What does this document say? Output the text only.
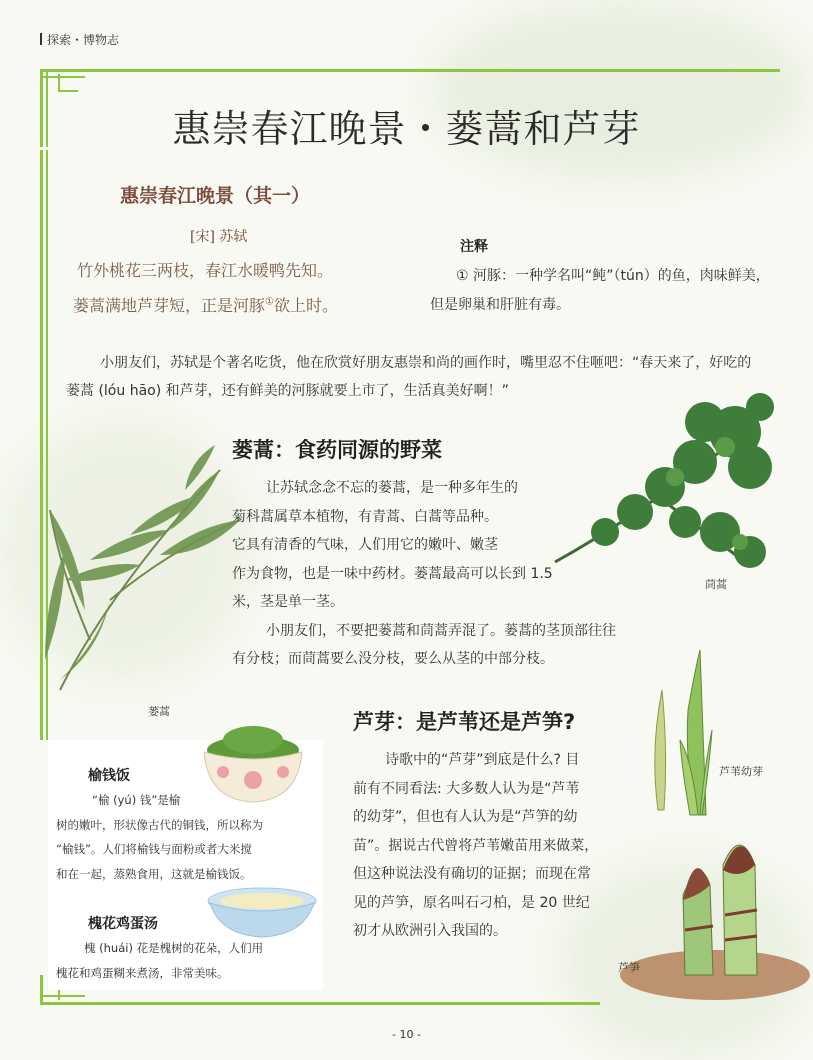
探索・博物志
惠崇春江晚景・蒌蒿和芦芽
惠崇春江晚景（其一）
[宋] 苏轼
竹外桃花三两枝，春江水暖鸭先知。
蒌蒿满地芦芽短，正是河豚①欲上时。
注释
① 河豚：一种学名叫“鲀”（tún）的鱼，肉味鲜美，但是卵巢和肝脏有毒。
小朋友们，苏轼是个著名吃货，他在欣赏好朋友惠崇和尚的画作时，嘴里忍不住咂吧：“春天来了，好吃的蒌蒿 (lóu hāo) 和芦芽，还有鲜美的河豚就要上市了，生活真美好啊！”
蒌蒿
茼蒿
蒌蒿：食药同源的野菜
让苏轼念念不忘的蒌蒿，是一种多年生的
菊科蒿属草本植物，有青蒿、白蒿等品种。
它具有清香的气味，人们用它的嫩叶、嫩茎
作为食物，也是一味中药材。蒌蒿最高可以长到 1.5
米，茎是单一茎。
小朋友们，不要把蒌蒿和茼蒿弄混了。蒌蒿的茎顶部往往
有分枝；而茼蒿要么没分枝，要么从茎的中部分枝。
芦芽：是芦苇还是芦笋?
诗歌中的“芦芽”到底是什么? 目
前有不同看法: 大多数人认为是“芦苇
的幼芽”，但也有人认为是“芦笋的幼
苗”。据说古代曾将芦苇嫩苗用来做菜，
但这种说法没有确切的证据；而现在常
见的芦笋，原名叫石刁柏，是 20 世纪
初才从欧洲引入我国的。
芦苇幼芽
芦笋
榆钱饭
“榆 (yú) 钱”是榆
树的嫩叶，形状像古代的铜钱，所以称为
“榆钱”。人们将榆钱与面粉或者大米搅
和在一起，蒸熟食用，这就是榆钱饭。
槐花鸡蛋汤
槐 (huái) 花是槐树的花朵，人们用
槐花和鸡蛋糊来煮汤，非常美味。
- 10 -
